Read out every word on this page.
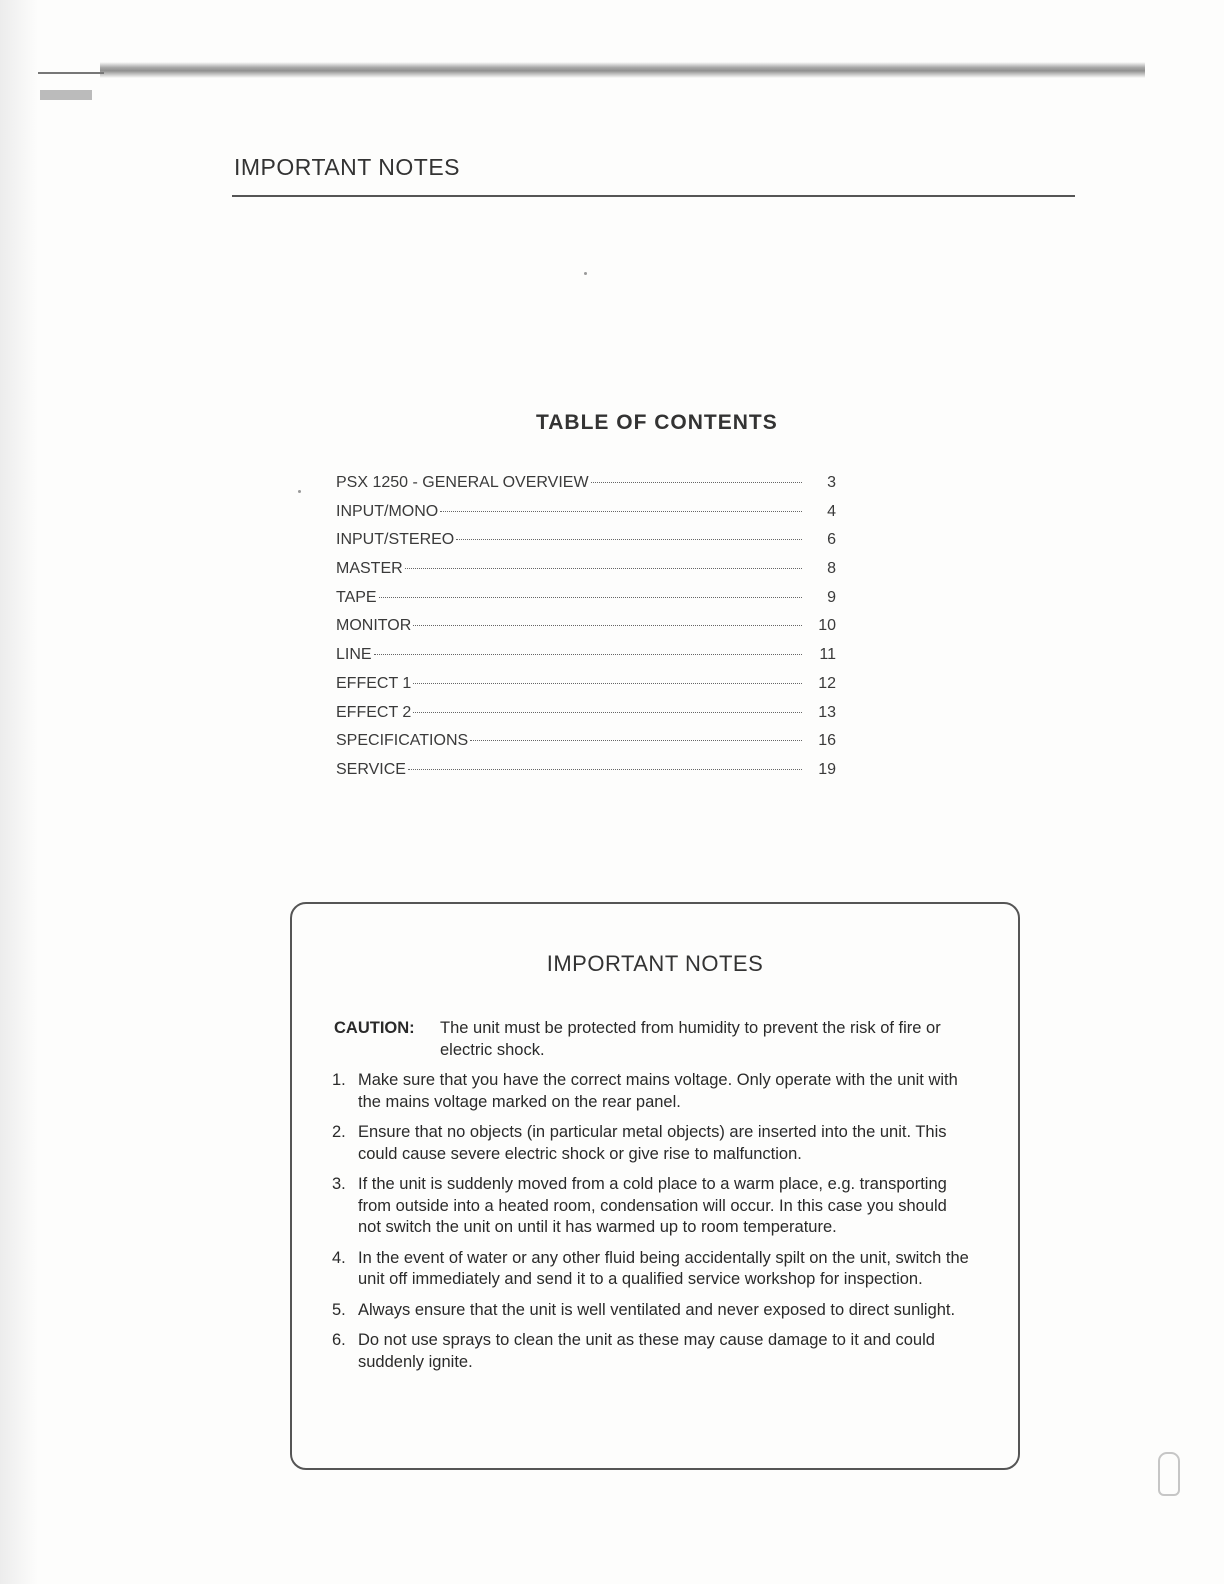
IMPORTANT NOTES
TABLE OF CONTENTS
PSX 1250 - GENERAL OVERVIEW	3
INPUT/MONO	4
INPUT/STEREO	6
MASTER	8
TAPE	9
MONITOR	10
LINE	11
EFFECT 1	12
EFFECT 2	13
SPECIFICATIONS	16
SERVICE	19
IMPORTANT NOTES
CAUTION:	The unit must be protected from humidity to prevent the risk of fire or electric shock.
1. Make sure that you have the correct mains voltage. Only operate with the unit with the mains voltage marked on the rear panel.
2. Ensure that no objects (in particular metal objects) are inserted into the unit. This could cause severe electric shock or give rise to malfunction.
3. If the unit is suddenly moved from a cold place to a warm place, e.g. transporting from outside into a heated room, condensation will occur. In this case you should not switch the unit on until it has warmed up to room temperature.
4. In the event of water or any other fluid being accidentally spilt on the unit, switch the unit off immediately and send it to a qualified service workshop for inspection.
5. Always ensure that the unit is well ventilated and never exposed to direct sunlight.
6. Do not use sprays to clean the unit as these may cause damage to it and could suddenly ignite.
